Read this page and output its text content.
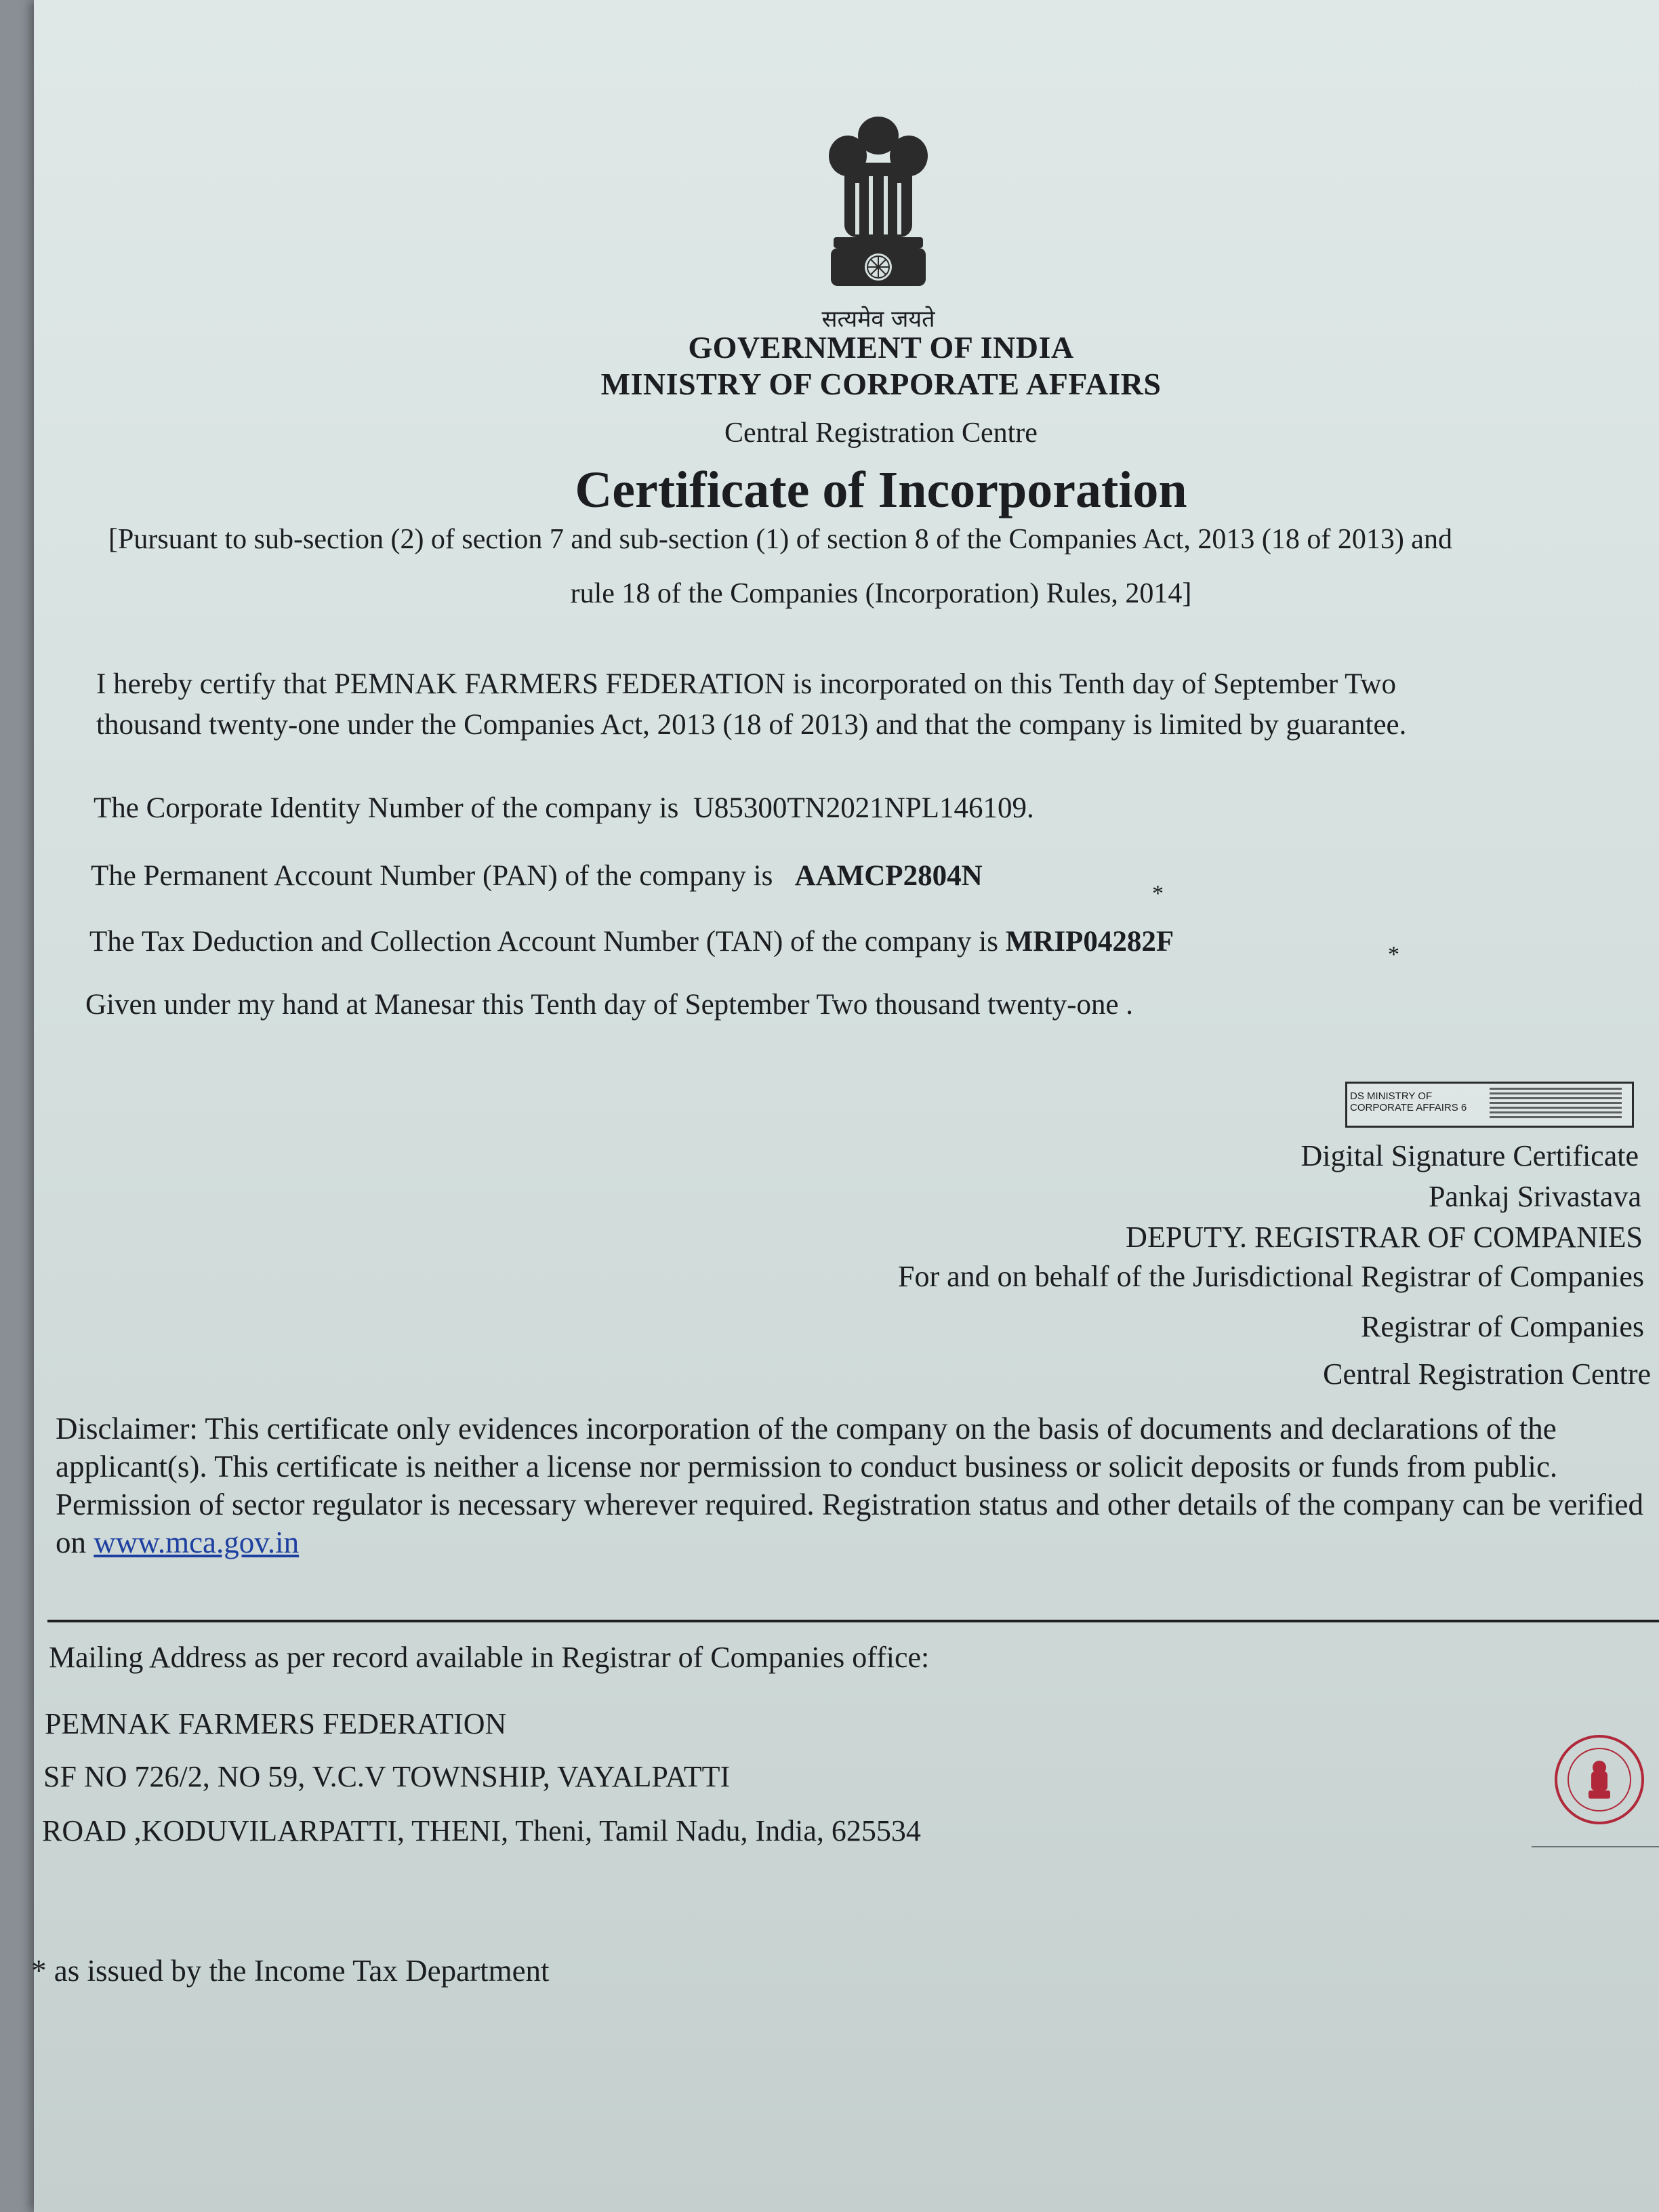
सत्यमेव जयते
GOVERNMENT OF INDIA
MINISTRY OF CORPORATE AFFAIRS
Central Registration Centre
Certificate of Incorporation
[Pursuant to sub-section (2) of section 7 and sub-section (1) of section 8 of the Companies Act, 2013 (18 of 2013) and
rule 18 of the Companies (Incorporation) Rules, 2014]
I hereby certify that PEMNAK FARMERS FEDERATION is incorporated on this Tenth day of September Two
thousand twenty-one under the Companies Act, 2013 (18 of 2013) and that the company is limited by guarantee.
The Corporate Identity Number of the company is U85300TN2021NPL146109.
The Permanent Account Number (PAN) of the company is AAMCP2804N
*
The Tax Deduction and Collection Account Number (TAN) of the company is MRIP04282F	*
Given under my hand at Manesar this Tenth day of September Two thousand twenty-one .
DS MINISTRY OF CORPORATE AFFAIRS 6
Digital Signature Certificate
Pankaj Srivastava
DEPUTY. REGISTRAR OF COMPANIES
For and on behalf of the Jurisdictional Registrar of Companies
Registrar of Companies
Central Registration Centre
Disclaimer: This certificate only evidences incorporation of the company on the basis of documents and declarations of the applicant(s). This certificate is neither a license nor permission to conduct business or solicit deposits or funds from public. Permission of sector regulator is necessary wherever required. Registration status and other details of the company can be verified on www.mca.gov.in
Mailing Address as per record available in Registrar of Companies office:
PEMNAK FARMERS FEDERATION
SF NO 726/2, NO 59, V.C.V TOWNSHIP, VAYALPATTI
ROAD ,KODUVILARPATTI, THENI, Theni, Tamil Nadu, India, 625534
* as issued by the Income Tax Department
